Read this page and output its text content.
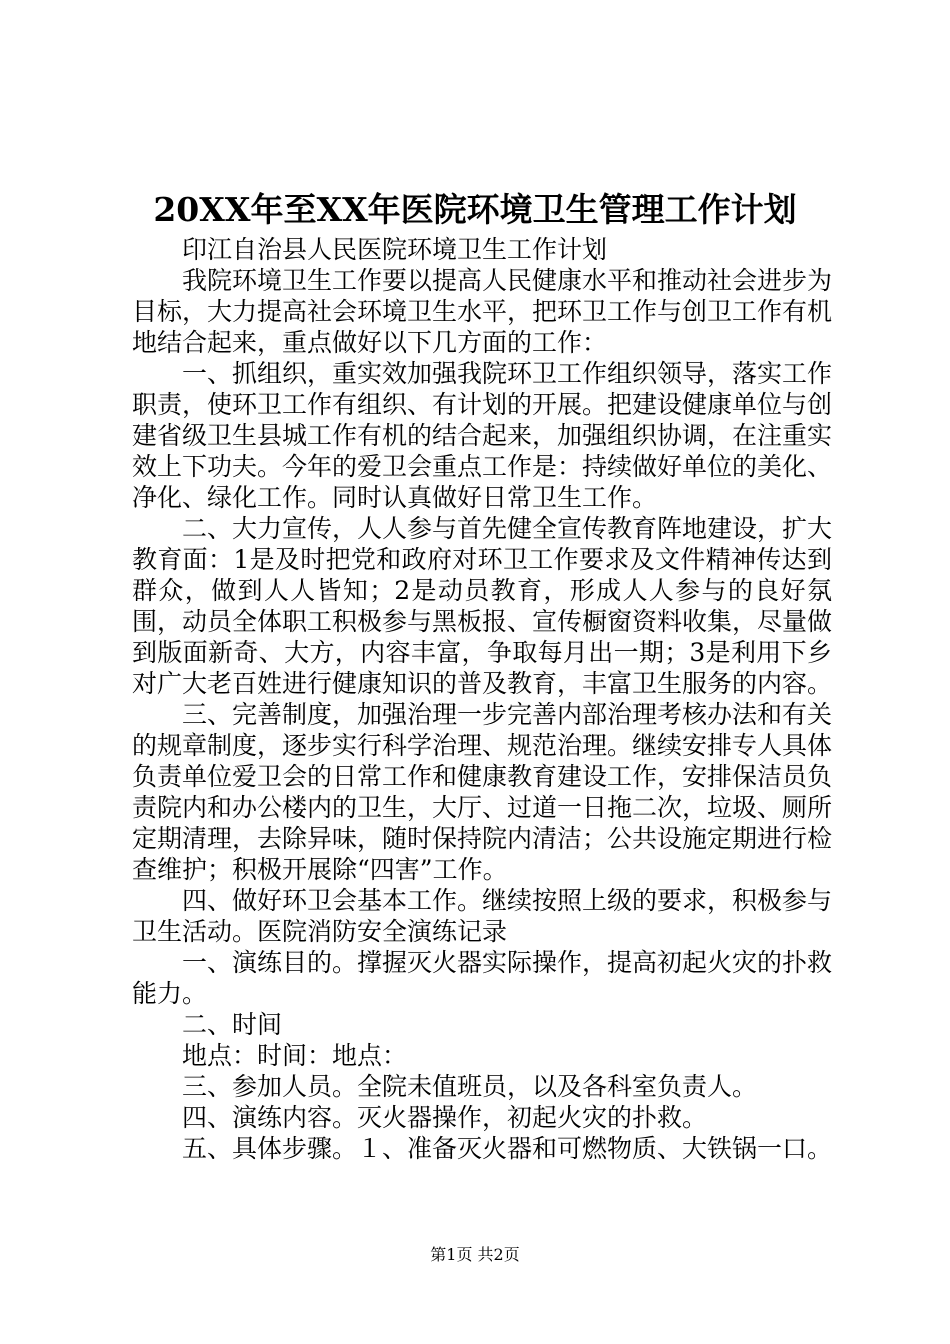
20XX年至XX年医院环境卫生管理工作计划

印江自治县人民医院环境卫生工作计划

我院环境卫生工作要以提高人民健康水平和推动社会进步为目标，大力提高社会环境卫生水平，把环卫工作与创卫工作有机地结合起来，重点做好以下几方面的工作：

一、抓组织，重实效加强我院环卫工作组织领导，落实工作职责，使环卫工作有组织、有计划的开展。把建设健康单位与创建省级卫生县城工作有机的结合起来，加强组织协调，在注重实效上下功夫。今年的爱卫会重点工作是：持续做好单位的美化、净化、绿化工作。同时认真做好日常卫生工作。

二、大力宣传，人人参与首先健全宣传教育阵地建设，扩大教育面：1是及时把党和政府对环卫工作要求及文件精神传达到群众，做到人人皆知；2是动员教育，形成人人参与的良好氛围，动员全体职工积极参与黑板报、宣传橱窗资料收集，尽量做到版面新奇、大方，内容丰富，争取每月出一期；3是利用下乡对广大老百姓进行健康知识的普及教育，丰富卫生服务的内容。

三、完善制度，加强治理一步完善内部治理考核办法和有关的规章制度，逐步实行科学治理、规范治理。继续安排专人具体负责单位爱卫会的日常工作和健康教育建设工作，安排保洁员负责院内和办公楼内的卫生，大厅、过道一日拖二次，垃圾、厕所定期清理，去除异味，随时保持院内清洁；公共设施定期进行检查维护；积极开展除“四害”工作。

四、做好环卫会基本工作。继续按照上级的要求，积极参与卫生活动。医院消防安全演练记录

一、演练目的。撑握灭火器实际操作，提高初起火灾的扑救能力。

二、时间

地点：时间：地点：

三、参加人员。全院未值班员，以及各科室负责人。

四、演练内容。灭火器操作，初起火灾的扑救。

五、具体步骤。１、准备灭火器和可燃物质、大铁锅一口。

第1页 共2页
